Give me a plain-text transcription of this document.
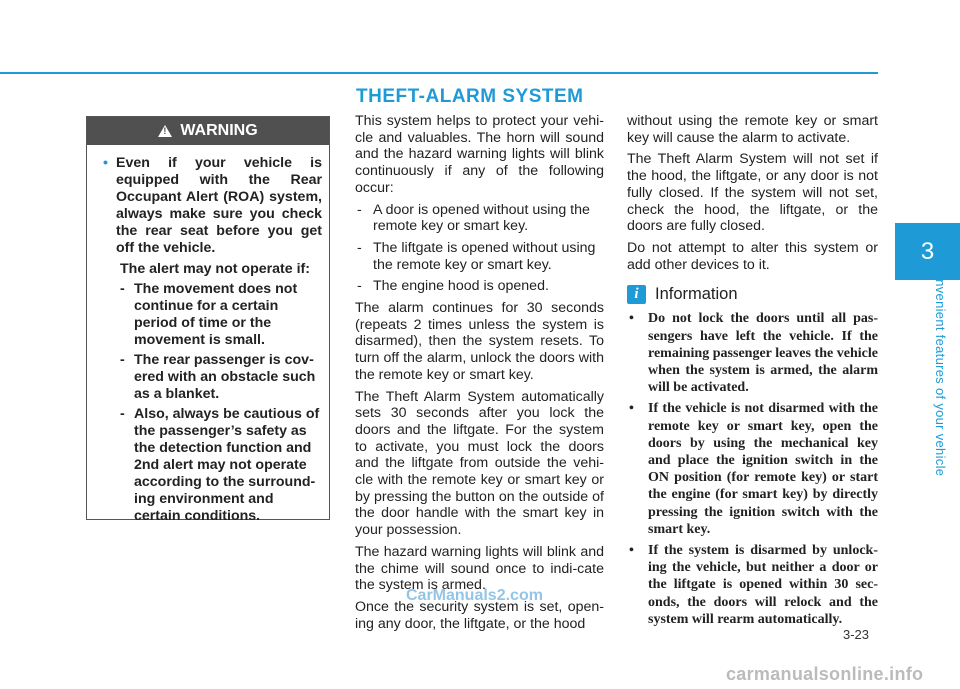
3
Convenient features of your vehicle
THEFT-ALARM SYSTEM
!
WARNING
• Even if your vehicle is equipped with the Rear Occupant Alert (ROA) system, always make sure you check the rear seat before you get off the vehicle.
The alert may not operate if:
- The movement does not continue for a certain period of time or the movement is small.
- The rear passenger is cov-ered with an obstacle such as a blanket.
- Also, always be cautious of the passenger’s safety as the detection function and 2nd alert may not operate according to the surround-ing environment and certain conditions.

This system helps to protect your vehi-cle and valuables. The horn will sound and the hazard warning lights will blink continuously if any of the following occur:

- A door is opened without using the remote key or smart key.
- The liftgate is opened without using the remote key or smart key.
- The engine hood is opened.

The alarm continues for 30 seconds (repeats 2 times unless the system is disarmed), then the system resets. To turn off the alarm, unlock the doors with the remote key or smart key.

The Theft Alarm System automatically sets 30 seconds after you lock the doors and the liftgate. For the system to activate, you must lock the doors and the liftgate from outside the vehi-cle with the remote key or smart key or by pressing the button on the outside of the door handle with the smart key in your possession.

The hazard warning lights will blink and the chime will sound once to indi-cate the system is armed.

Once the security system is set, open-ing any door, the liftgate, or the hood

without using the remote key or smart key will cause the alarm to activate.

The Theft Alarm System will not set if the hood, the liftgate, or any door is not fully closed. If the system will not set, check the hood, the liftgate, or the doors are fully closed.

Do not attempt to alter this system or add other devices to it.

i Information
•	Do not lock the doors until all pas-sengers have left the vehicle. If the remaining passenger leaves the vehicle when the system is armed, the alarm will be activated.
•	If the vehicle is not disarmed with the remote key or smart key, open the doors by using the mechanical key and place the ignition switch in the ON position (for remote key) or start the engine (for smart key) by directly pressing the ignition switch with the smart key.
•	If the system is disarmed by unlock-ing the vehicle, but neither a door or the liftgate is opened within 30 sec-onds, the doors will relock and the system will rearm automatically.
CarManuals2.com
3-23
carmanualsonline.info
